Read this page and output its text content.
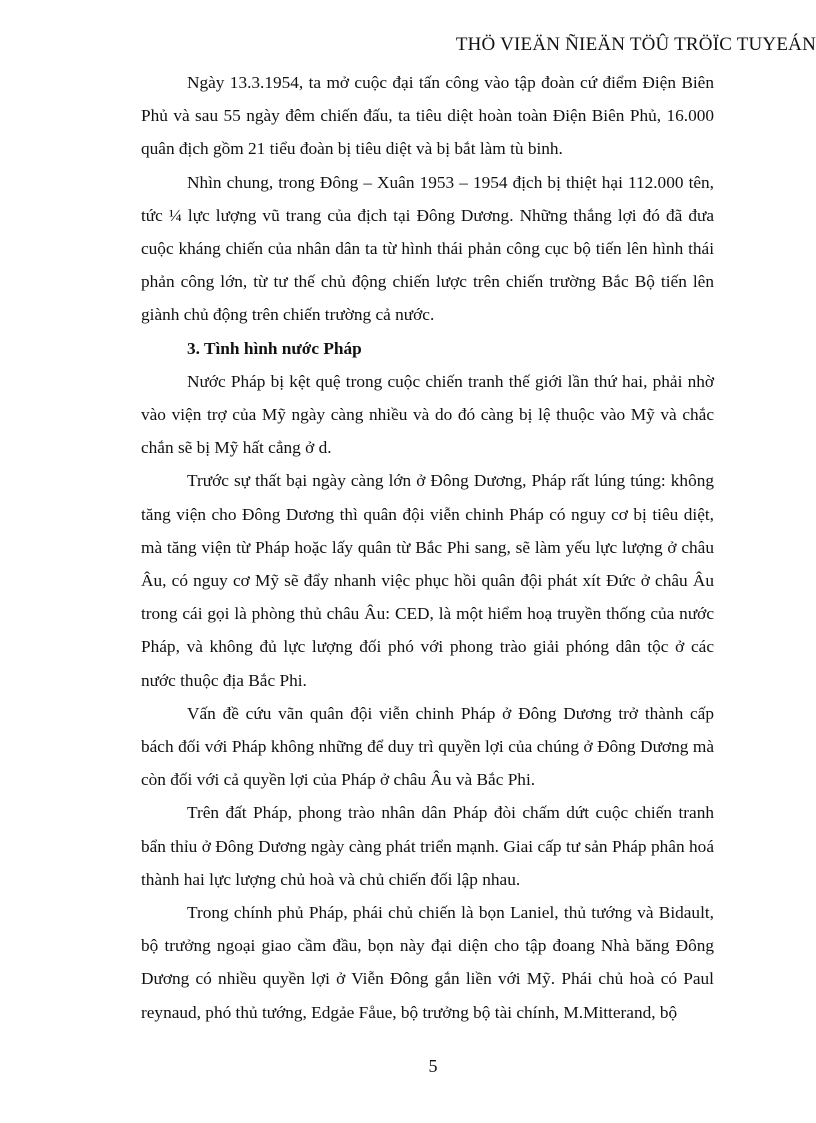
THÖ VIEÄN ÑIEÄN TÖÛ TRÖÏC TUYEÁN

Ngày 13.3.1954, ta mở cuộc đại tấn công vào tập đoàn cứ điểm Điện Biên Phủ và sau 55 ngày đêm chiến đấu, ta tiêu diệt hoàn toàn Điện Biên Phủ, 16.000 quân địch gồm 21 tiểu đoàn bị tiêu diệt và bị bắt làm tù binh.

Nhìn chung, trong Đông – Xuân 1953 – 1954 địch bị thiệt hại 112.000 tên, tức ¼ lực lượng vũ trang của địch tại Đông Dương. Những thắng lợi đó đã đưa cuộc kháng chiến của nhân dân ta từ hình thái phản công cục bộ tiến lên hình thái phản công lớn, từ tư thế chủ động chiến lược trên chiến trường Bắc Bộ tiến lên giành chủ động trên chiến trường cả nước.

3. Tình hình nước Pháp

Nước Pháp bị kệt quệ trong cuộc chiến tranh thế giới lần thứ hai, phải nhờ vào viện trợ của Mỹ ngày càng nhiều và do đó càng bị lệ thuộc vào Mỹ và chắc chắn sẽ bị Mỹ hất cẳng ở d.

Trước sự thất bại ngày càng lớn ở Đông Dương, Pháp rất lúng túng: không tăng viện cho Đông Dương thì quân đội viễn chinh Pháp có nguy cơ bị tiêu diệt, mà tăng viện từ Pháp hoặc lấy quân từ Bắc Phi sang, sẽ làm yếu lực lượng ở châu Âu, có nguy cơ Mỹ sẽ đẩy nhanh việc phục hồi quân đội phát xít Đức ở châu Âu trong cái gọi là phòng thủ châu Âu: CED, là một hiểm hoạ truyền thống của nước Pháp, và không đủ lực lượng đối phó với phong trào giải phóng dân tộc ở các nước thuộc địa Bắc Phi.

Vấn đề cứu vãn quân đội viễn chinh Pháp ở Đông Dương trở thành cấp bách đối với Pháp không những để duy trì quyền lợi của chúng ở Đông Dương mà còn đối với cả quyền lợi của Pháp ở châu Âu và Bắc Phi.

Trên đất Pháp, phong trào nhân dân Pháp đòi chấm dứt cuộc chiến tranh bẩn thỉu ở Đông Dương ngày càng phát triển mạnh. Giai cấp tư sản Pháp phân hoá thành hai lực lượng chủ hoà và chủ chiến đối lập nhau.

Trong chính phủ Pháp, phái chủ chiến là bọn Laniel, thủ tướng và Bidault, bộ trưởng ngoại giao cầm đầu, bọn này đại diện cho tập đoang Nhà băng Đông Dương có nhiều quyền lợi ở Viễn Đông gắn liền với Mỹ. Phái chủ hoà có Paul reynaud, phó thủ tướng, Edgảe Fåue, bộ trưởng bộ tài chính, M.Mitterand, bộ

5
